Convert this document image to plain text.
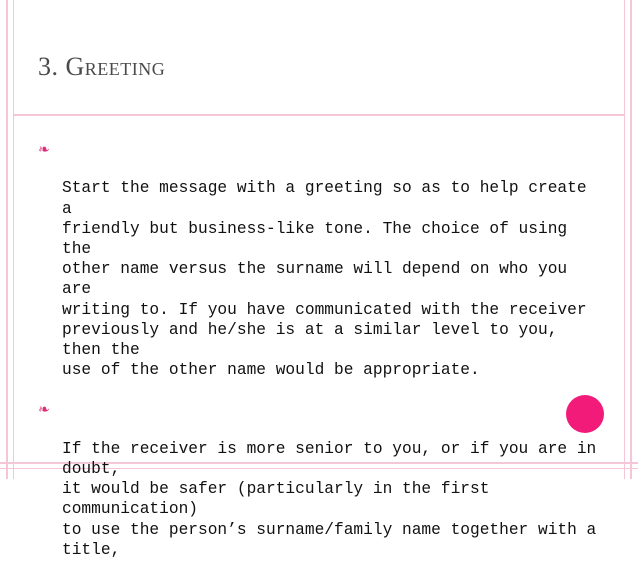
3. Greeting

❧

Start the message with a greeting so as to help create a
friendly but business-like tone. The choice of using the
other name versus the surname will depend on who you are
writing to. If you have communicated with the receiver
previously and he/she is at a similar level to you, then the
use of the other name would be appropriate.

❧

If the receiver is more senior to you, or if you are in doubt,
it would be safer (particularly in the first communication)
to use the person’s surname/family name together with a
title,
